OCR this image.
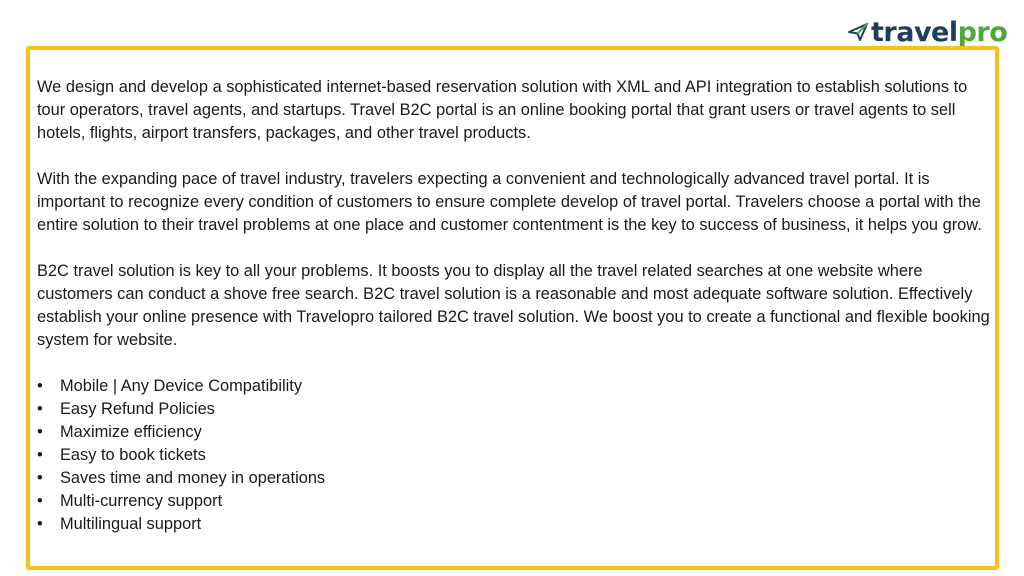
travelpro

We design and develop a sophisticated internet-based reservation solution with XML and API integration to establish solutions to tour operators, travel agents, and startups. Travel B2C portal is an online booking portal that grant users or travel agents to sell hotels, flights, airport transfers, packages, and other travel products.

With the expanding pace of travel industry, travelers expecting a convenient and technologically advanced travel portal. It is important to recognize every condition of customers to ensure complete develop of travel portal. Travelers choose a portal with the entire solution to their travel problems at one place and customer contentment is the key to success of business, it helps you grow.

B2C travel solution is key to all your problems. It boosts you to display all the travel related searches at one website where customers can conduct a shove free search. B2C travel solution is a reasonable and most adequate software solution. Effectively establish your online presence with Travelopro tailored B2C travel solution. We boost you to create a functional and flexible booking system for website.

• Mobile | Any Device Compatibility
• Easy Refund Policies
• Maximize efficiency
• Easy to book tickets
• Saves time and money in operations
• Multi-currency support
• Multilingual support
